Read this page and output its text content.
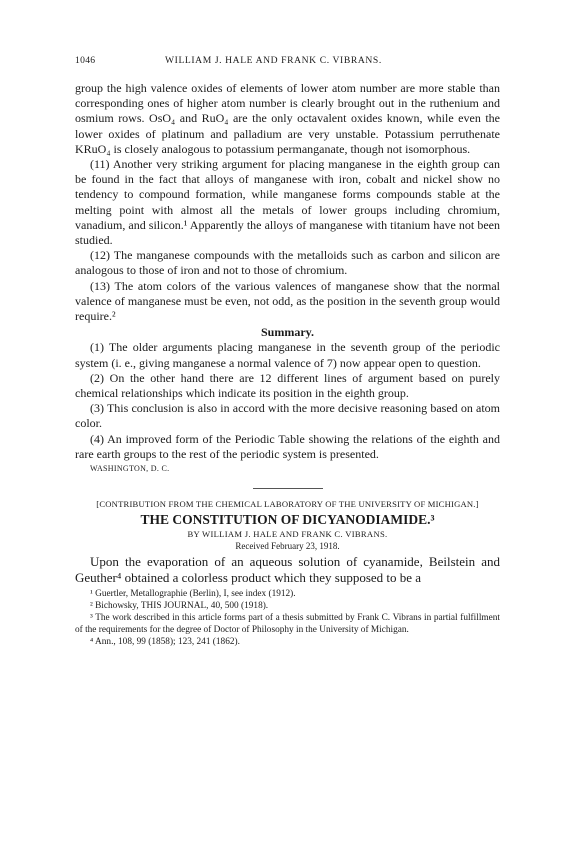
1046	WILLIAM J. HALE AND FRANK C. VIBRANS.

group the high valence oxides of elements of lower atom number are more stable than corresponding ones of higher atom number is clearly brought out in the ruthenium and osmium rows. OsO₄ and RuO₄ are the only octavalent oxides known, while even the lower oxides of platinum and palladium are very unstable. Potassium perruthenate KRuO₄ is closely analogous to potassium permanganate, though not isomorphous.

(11) Another very striking argument for placing manganese in the eighth group can be found in the fact that alloys of manganese with iron, cobalt and nickel show no tendency to compound formation, while manganese forms compounds stable at the melting point with almost all the metals of lower groups including chromium, vanadium, and silicon.¹ Apparently the alloys of manganese with titanium have not been studied.

(12) The manganese compounds with the metalloids such as carbon and silicon are analogous to those of iron and not to those of chromium.

(13) The atom colors of the various valences of manganese show that the normal valence of manganese must be even, not odd, as the position in the seventh group would require.²

Summary.

(1) The older arguments placing manganese in the seventh group of the periodic system (i. e., giving manganese a normal valence of 7) now appear open to question.

(2) On the other hand there are 12 different lines of argument based on purely chemical relationships which indicate its position in the eighth group.

(3) This conclusion is also in accord with the more decisive reasoning based on atom color.

(4) An improved form of the Periodic Table showing the relations of the eighth and rare earth groups to the rest of the periodic system is presented.

WASHINGTON, D. C.
[CONTRIBUTION FROM THE CHEMICAL LABORATORY OF THE UNIVERSITY OF MICHIGAN.]
THE CONSTITUTION OF DICYANODIAMIDE.³
BY WILLIAM J. HALE AND FRANK C. VIBRANS.
Received February 23, 1918.

Upon the evaporation of an aqueous solution of cyanamide, Beilstein and Geuther⁴ obtained a colorless product which they supposed to be a

¹ Guertler, Metallographie (Berlin), I, see index (1912).

² Bichowsky, THIS JOURNAL, 40, 500 (1918).

³ The work described in this article forms part of a thesis submitted by Frank C. Vibrans in partial fulfillment of the requirements for the degree of Doctor of Philosophy in the University of Michigan.

⁴ Ann., 108, 99 (1858); 123, 241 (1862).
